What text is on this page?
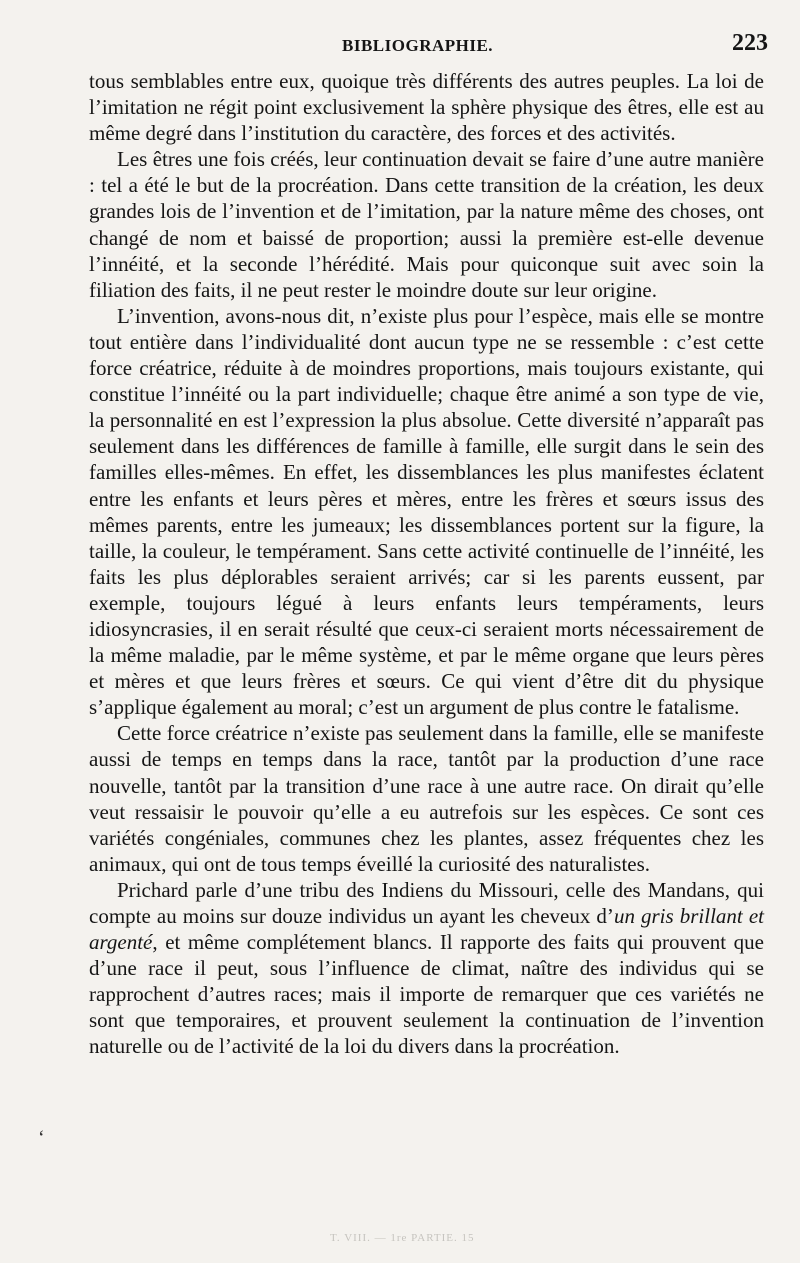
BIBLIOGRAPHIE.	223

tous semblables entre eux, quoique très différents des autres peuples. La loi de l’imitation ne régit point exclusivement la sphère physique des êtres, elle est au même degré dans l’institution du caractère, des forces et des activités.

Les êtres une fois créés, leur continuation devait se faire d’une autre manière : tel a été le but de la procréation. Dans cette transition de la création, les deux grandes lois de l’invention et de l’imitation, par la nature même des choses, ont changé de nom et baissé de proportion; aussi la première est-elle devenue l’innéité, et la seconde l’hérédité. Mais pour quiconque suit avec soin la filiation des faits, il ne peut rester le moindre doute sur leur origine.

L’invention, avons-nous dit, n’existe plus pour l’espèce, mais elle se montre tout entière dans l’individualité dont aucun type ne se ressemble : c’est cette force créatrice, réduite à de moindres proportions, mais toujours existante, qui constitue l’innéité ou la part individuelle; chaque être animé a son type de vie, la personnalité en est l’expression la plus absolue. Cette diversité n’apparaît pas seulement dans les différences de famille à famille, elle surgit dans le sein des familles elles-mêmes. En effet, les dissemblances les plus manifestes éclatent entre les enfants et leurs pères et mères, entre les frères et sœurs issus des mêmes parents, entre les jumeaux; les dissemblances portent sur la figure, la taille, la couleur, le tempérament. Sans cette activité continuelle de l’innéité, les faits les plus déplorables seraient arrivés; car si les parents eussent, par exemple, toujours légué à leurs enfants leurs tempéraments, leurs idiosyncrasies, il en serait résulté que ceux-ci seraient morts nécessairement de la même maladie, par le même système, et par le même organe que leurs pères et mères et que leurs frères et sœurs. Ce qui vient d’être dit du physique s’applique également au moral; c’est un argument de plus contre le fatalisme.

Cette force créatrice n’existe pas seulement dans la famille, elle se manifeste aussi de temps en temps dans la race, tantôt par la production d’une race nouvelle, tantôt par la transition d’une race à une autre race. On dirait qu’elle veut ressaisir le pouvoir qu’elle a eu autrefois sur les espèces. Ce sont ces variétés congéniales, communes chez les plantes, assez fréquentes chez les animaux, qui ont de tous temps éveillé la curiosité des naturalistes.

Prichard parle d’une tribu des Indiens du Missouri, celle des Mandans, qui compte au moins sur douze individus un ayant les cheveux d’un gris brillant et argenté, et même complétement blancs. Il rapporte des faits qui prouvent que d’une race il peut, sous l’influence de climat, naître des individus qui se rapprochent d’autres races; mais il importe de remarquer que ces variétés ne sont que temporaires, et prouvent seulement la continuation de l’invention naturelle ou de l’activité de la loi du divers dans la procréation.

‘
T. VIII. — 1re PARTIE. 15
